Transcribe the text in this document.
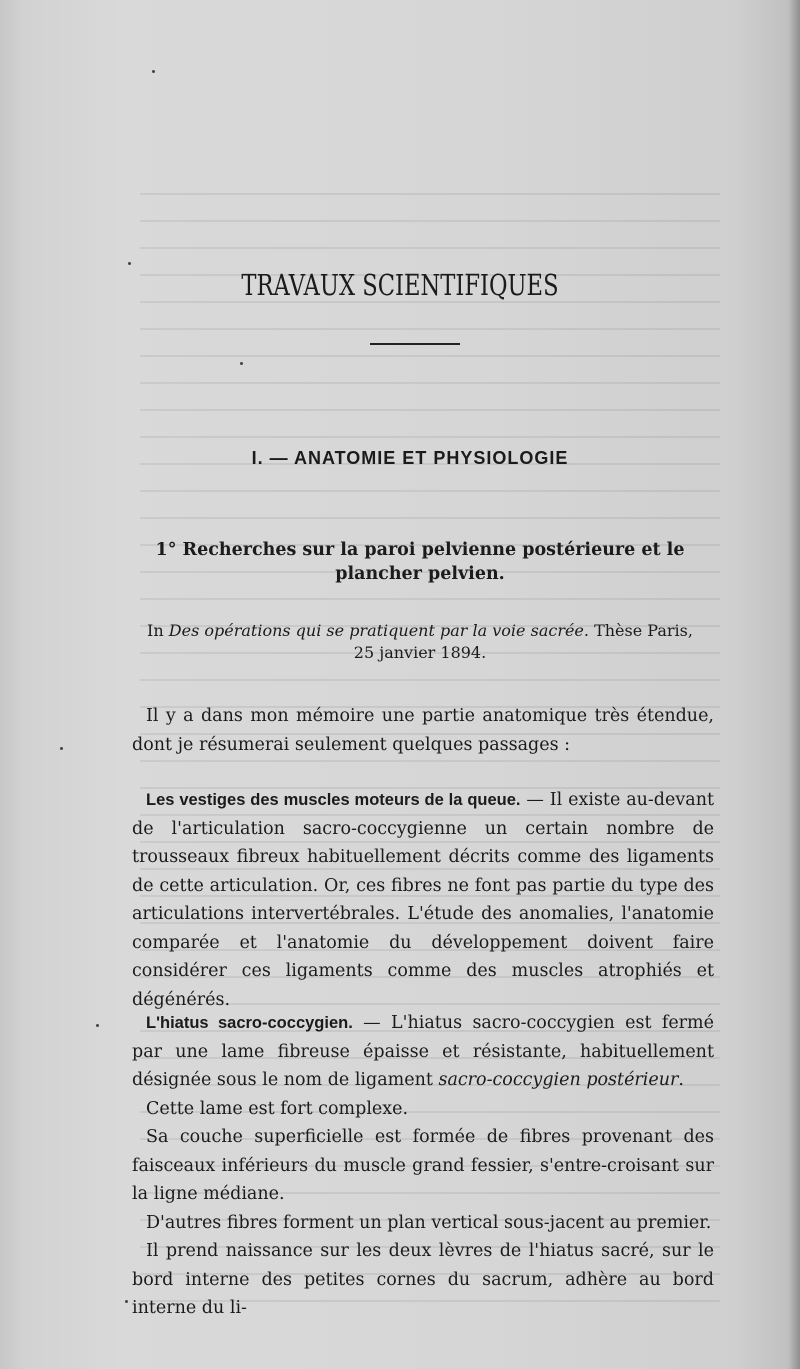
TRAVAUX SCIENTIFIQUES
I. — ANATOMIE ET PHYSIOLOGIE
1° Recherches sur la paroi pelvienne postérieure et le plancher pelvien.
In Des opérations qui se pratiquent par la voie sacrée. Thèse Paris,
25 janvier 1894.
Il y a dans mon mémoire une partie anatomique très étendue, dont je résumerai seulement quelques passages :
Les vestiges des muscles moteurs de la queue. — Il existe au-devant de l'articulation sacro-coccygienne un certain nombre de trousseaux fibreux habituellement décrits comme des ligaments de cette articulation. Or, ces fibres ne font pas partie du type des articulations intervertébrales. L'étude des anomalies, l'anatomie comparée et l'anatomie du développement doivent faire considérer ces ligaments comme des muscles atrophiés et dégénérés.
L'hiatus sacro-coccygien. — L'hiatus sacro-coccygien est fermé par une lame fibreuse épaisse et résistante, habituellement désignée sous le nom de ligament sacro-coccygien postérieur.
Cette lame est fort complexe.
Sa couche superficielle est formée de fibres provenant des faisceaux inférieurs du muscle grand fessier, s'entre-croisant sur la ligne médiane.
D'autres fibres forment un plan vertical sous-jacent au premier.
Il prend naissance sur les deux lèvres de l'hiatus sacré, sur le bord interne des petites cornes du sacrum, adhère au bord interne du li-
